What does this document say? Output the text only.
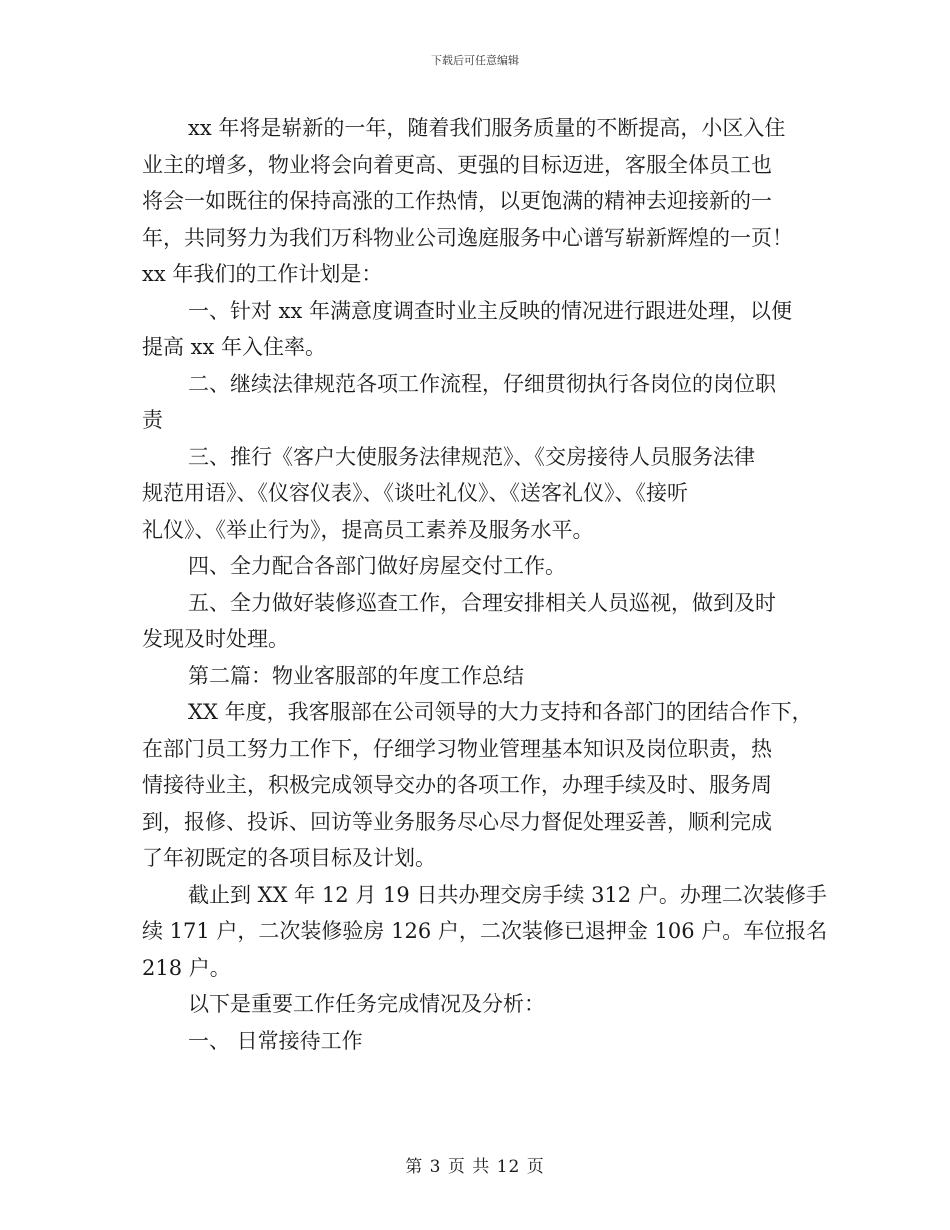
下载后可任意编辑
xx 年将是崭新的一年，随着我们服务质量的不断提高，小区入住
业主的增多，物业将会向着更高、更强的目标迈进，客服全体员工也
将会一如既往的保持高涨的工作热情，以更饱满的精神去迎接新的一
年，共同努力为我们万科物业公司逸庭服务中心谱写崭新辉煌的一页！
xx 年我们的工作计划是：
一、针对 xx 年满意度调查时业主反映的情况进行跟进处理，以便
提高 xx 年入住率。
二、继续法律规范各项工作流程，仔细贯彻执行各岗位的岗位职
责
三、推行《客户大使服务法律规范》、《交房接待人员服务法律
规范用语》、《仪容仪表》、《谈吐礼仪》、《送客礼仪》、《接听
礼仪》、《举止行为》，提高员工素养及服务水平。
四、全力配合各部门做好房屋交付工作。
五、全力做好装修巡查工作，合理安排相关人员巡视，做到及时
发现及时处理。
第二篇：物业客服部的年度工作总结
XX 年度，我客服部在公司领导的大力支持和各部门的团结合作下，
在部门员工努力工作下，仔细学习物业管理基本知识及岗位职责，热
情接待业主，积极完成领导交办的各项工作，办理手续及时、服务周
到，报修、投诉、回访等业务服务尽心尽力督促处理妥善，顺利完成
了年初既定的各项目标及计划。
截止到 XX 年 12 月 19 日共办理交房手续 312 户。办理二次装修手
续 171 户，二次装修验房 126 户，二次装修已退押金 106 户。车位报名
218 户。
以下是重要工作任务完成情况及分析：
一、 日常接待工作
第 3 页 共 12 页
